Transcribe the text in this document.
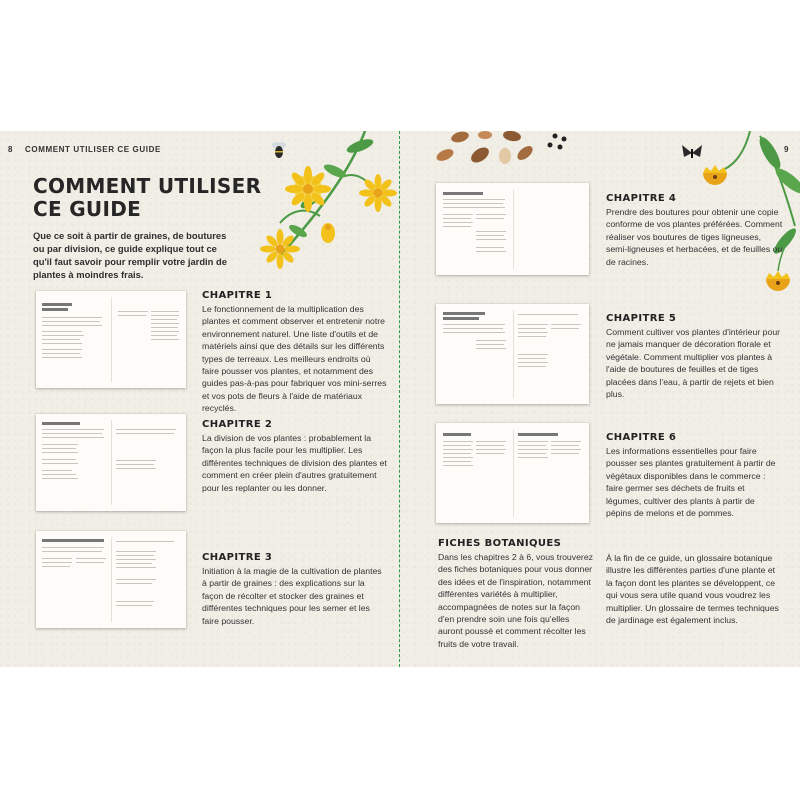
8 COMMENT UTILISER CE GUIDE
COMMENT UTILISER
CE GUIDE
Que ce soit à partir de graines, de boutures ou par division, ce guide explique tout ce qu'il faut savoir pour remplir votre jardin de plantes à moindres frais.
CHAPITRE 1
Le fonctionnement de la multiplication des plantes et comment observer et entretenir notre environnement naturel. Une liste d'outils et de matériels ainsi que des détails sur les différents types de terreaux. Les meilleurs endroits où faire pousser vos plantes, et notamment des guides pas-à-pas pour fabriquer vos mini-serres et vos pots de fleurs à l'aide de matériaux recyclés.
CHAPITRE 2
La division de vos plantes : probablement la façon la plus facile pour les multiplier. Les différentes techniques de division des plantes et comment en créer plein d'autres gratuitement pour les replanter ou les donner.
CHAPITRE 3
Initiation à la magie de la cultivation de plantes à partir de graines : des explications sur la façon de récolter et stocker des graines et différentes techniques pour les semer et les faire pousser.
9
CHAPITRE 4
Prendre des boutures pour obtenir une copie conforme de vos plantes préférées. Comment réaliser vos boutures de tiges ligneuses, semi-ligneuses et herbacées, et de feuilles ou de racines.
CHAPITRE 5
Comment cultiver vos plantes d'intérieur pour ne jamais manquer de décoration florale et végétale. Comment multiplier vos plantes à l'aide de boutures de feuilles et de tiges placées dans l'eau, à partir de rejets et bien plus.
CHAPITRE 6
Les informations essentielles pour faire pousser ses plantes gratuitement à partir de végétaux disponibles dans le commerce : faire germer ses déchets de fruits et légumes, cultiver des plants à partir de pépins de melons et de pommes.
FICHES BOTANIQUES
Dans les chapitres 2 à 6, vous trouverez des fiches botaniques pour vous donner des idées et de l'inspiration, notamment différentes variétés à multiplier, accompagnées de notes sur la façon d'en prendre soin une fois qu'elles auront poussé et comment récolter les fruits de votre travail.
À la fin de ce guide, un glossaire botanique illustre les différentes parties d'une plante et la façon dont les plantes se développent, ce qui vous sera utile quand vous voudrez les multiplier. Un glossaire de termes techniques de jardinage est également inclus.
